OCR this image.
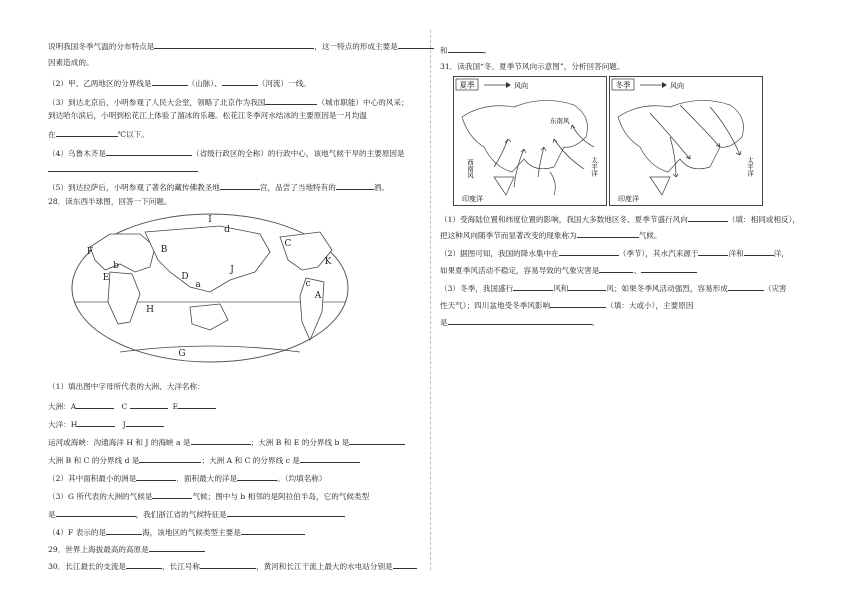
说明我国冬季气温的分布特点是	，这一特点的形成主要是
因素造成的。
（2）甲、乙两地区的分界线是	（山脉）、	（河流）一线。
（3）到达北京后，小明参观了人民大会堂，领略了北京作为我国	（城市职能）中心的风采；
到达哈尔滨后，小明到松花江上体验了溜冰的乐趣。松花江冬季河水结冰的主要原因是一月均温
在	℃以下。
（4）乌鲁木齐是	（省级行政区的全称）的行政中心，该地气候干旱的主要原因是
（5）到达拉萨后，小明参观了著名的藏传佛教圣地	宫，品尝了当地特有的	酒。
28．读东西半球图，回答一下问题。
（1）填出图中字母所代表的大洲、大洋名称：
大洲：A	C	E
大洋：H	J
运河或海峡：沟通海洋 H 和 J 的海峡 a 是	；大洲 B 和 E 的分界线 b 是
大洲 B 和 C 的分界线 d 是	；大洲 A 和 C 的分界线 c 是
（2）其中面积最小的洲是	．面积最大的洋是	。（均填名称）
（3）G 所代表的大洲的气候是	气候；图中与 b 相邻的是阿拉伯半岛，它的气候类型
是	，我们浙江省的气候特征是
（4）F 表示的是	海，该地区的气候类型主要是
29．世界上海拔最高的高原是
30．长江最长的支流是	，长江号称	，黄河和长江干流上最大的水电站分别是
I
d
F	B
C
K
E
b
D
J
a	c
H
A
G
和	。
31．读我国“冬、夏季节风向示意图”，分析回答问题。
（1）受海陆位置和纬度位置的影响，我国大多数地区冬、夏季节盛行风向	（填：相同或相反），
把这种风向随季节而显著改变的现象称为	气候。
（2）据图可知，我国的降水集中在	（季节），其水汽来源于	洋和	洋，
如果夏季风活动不稳定，容易导致的气象灾害是	、
（3）冬季，我国盛行	风和	风；如果冬季风活动强烈，容易形成	（灾害
性天气）；四川盆地受冬季风影响	（填：大或小），主要原因
是	。
夏季	风向
东南风
西南风	太平洋
印度洋
冬季	风向
太平洋
印度洋
